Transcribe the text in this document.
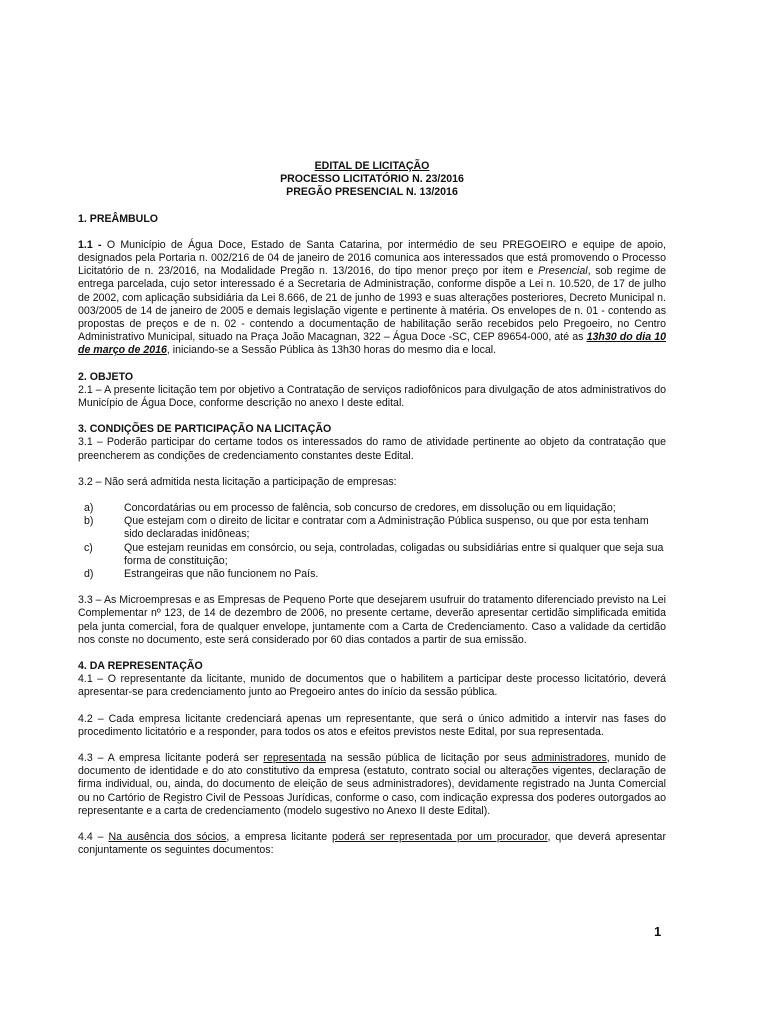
EDITAL DE LICITAÇÃO
PROCESSO LICITATÓRIO N. 23/2016
PREGÃO PRESENCIAL N. 13/2016
1. PREÂMBULO

1.1 - O Município de Água Doce, Estado de Santa Catarina, por intermédio de seu PREGOEIRO e equipe de apoio, designados pela Portaria n. 002/216 de 04 de janeiro de 2016 comunica aos interessados que está promovendo o Processo Licitatório de n. 23/2016, na Modalidade Pregão n. 13/2016, do tipo menor preço por item e Presencial, sob regime de entrega parcelada, cujo setor interessado é a Secretaria de Administração, conforme dispõe a Lei n. 10.520, de 17 de julho de 2002, com aplicação subsidiária da Lei 8.666, de 21 de junho de 1993 e suas alterações posteriores, Decreto Municipal n. 003/2005 de 14 de janeiro de 2005 e demais legislação vigente e pertinente à matéria. Os envelopes de n. 01 - contendo as propostas de preços e de n. 02 - contendo a documentação de habilitação serão recebidos pelo Pregoeiro, no Centro Administrativo Municipal, situado na Praça João Macagnan, 322 – Água Doce -SC, CEP 89654-000, até as 13h30 do dia 10 de março de 2016, iniciando-se a Sessão Pública às 13h30 horas do mesmo dia e local.

2. OBJETO

2.1 – A presente licitação tem por objetivo a Contratação de serviços radiofônicos para divulgação de atos administrativos do Município de Água Doce, conforme descrição no anexo I deste edital.

3. CONDIÇÕES DE PARTICIPAÇÃO NA LICITAÇÃO

3.1 – Poderão participar do certame todos os interessados do ramo de atividade pertinente ao objeto da contratação que preencherem as condições de credenciamento constantes deste Edital.

3.2 – Não será admitida nesta licitação a participação de empresas:

a)	Concordatárias ou em processo de falência, sob concurso de credores, em dissolução ou em liquidação;
b)	Que estejam com o direito de licitar e contratar com a Administração Pública suspenso, ou que por esta tenham sido declaradas inidôneas;
c)	Que estejam reunidas em consórcio, ou seja, controladas, coligadas ou subsidiárias entre si qualquer que seja sua forma de constituição;
d)	Estrangeiras que não funcionem no País.

3.3 – As Microempresas e as Empresas de Pequeno Porte que desejarem usufruir do tratamento diferenciado previsto na Lei Complementar nº 123, de 14 de dezembro de 2006, no presente certame, deverão apresentar certidão simplificada emitida pela junta comercial, fora de qualquer envelope, juntamente com a Carta de Credenciamento. Caso a validade da certidão nos conste no documento, este será considerado por 60 dias contados a partir de sua emissão.

4. DA REPRESENTAÇÃO

4.1 – O representante da licitante, munido de documentos que o habilitem a participar deste processo licitatório, deverá apresentar-se para credenciamento junto ao Pregoeiro antes do início da sessão pública.

4.2 – Cada empresa licitante credenciará apenas um representante, que será o único admitido a intervir nas fases do procedimento licitatório e a responder, para todos os atos e efeitos previstos neste Edital, por sua representada.

4.3 – A empresa licitante poderá ser representada na sessão pública de licitação por seus administradores, munido de documento de identidade e do ato constitutivo da empresa (estatuto, contrato social ou alterações vigentes, declaração de firma individual, ou, ainda, do documento de eleição de seus administradores), devidamente registrado na Junta Comercial ou no Cartório de Registro Civil de Pessoas Jurídicas, conforme o caso, com indicação expressa dos poderes outorgados ao representante e a carta de credenciamento (modelo sugestivo no Anexo II deste Edital).

4.4 – Na ausência dos sócios, a empresa licitante poderá ser representada por um procurador, que deverá apresentar conjuntamente os seguintes documentos:

1
